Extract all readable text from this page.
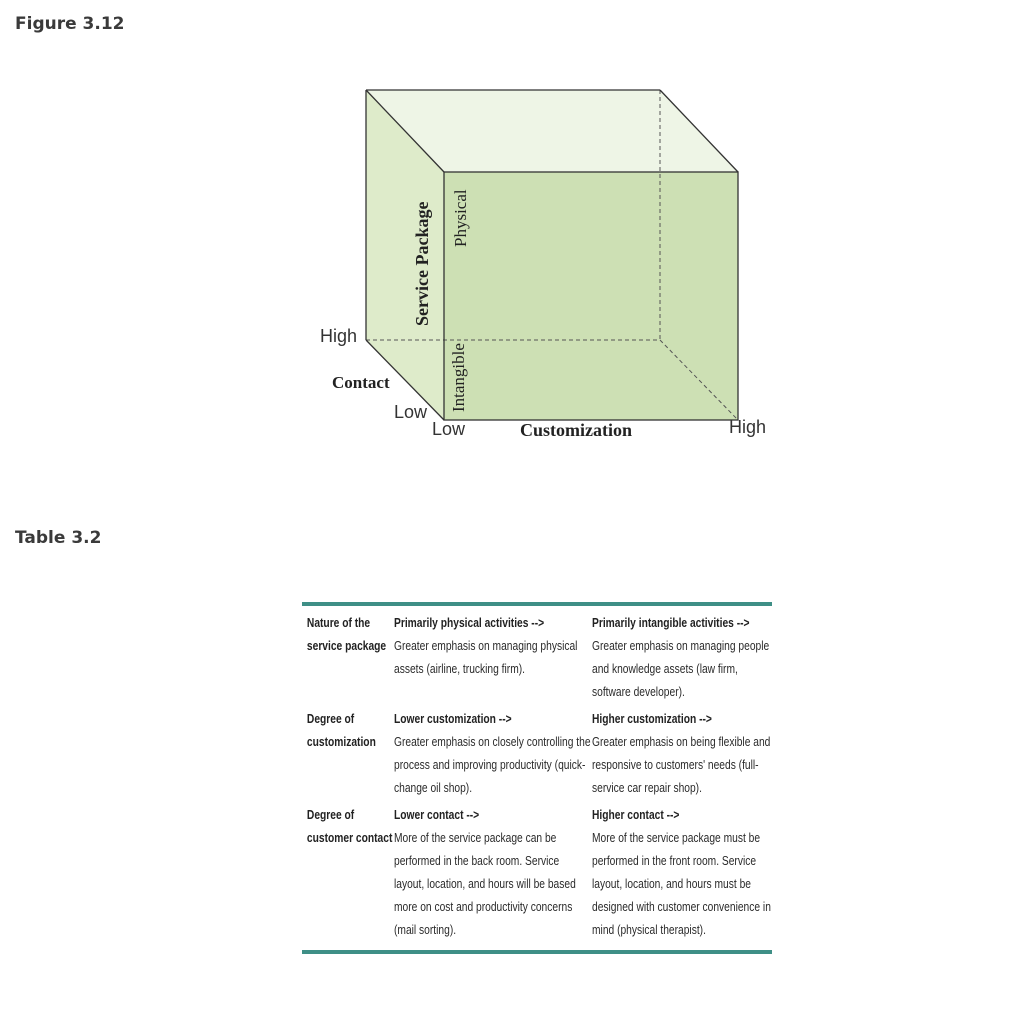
Figure 3.12
Service Package Physical
Intangible
High
Contact
Low
Low	Customization	High
Table 3.2
Nature of the service package
Primarily physical activities -->
Greater emphasis on managing physical assets (airline, trucking firm).
Primarily intangible activities -->
Greater emphasis on managing people and knowledge assets (law firm, software developer).
Degree of customization
Lower customization -->
Greater emphasis on closely controlling the process and improving productivity (quick-change oil shop).
Higher customization -->
Greater emphasis on being flexible and responsive to customers' needs (full-service car repair shop).
Degree of customer contact
Lower contact -->
More of the service package can be performed in the back room. Service layout, location, and hours will be based more on cost and productivity concerns (mail sorting).
Higher contact -->
More of the service package must be performed in the front room. Service layout, location, and hours must be designed with customer convenience in mind (physical therapist).
